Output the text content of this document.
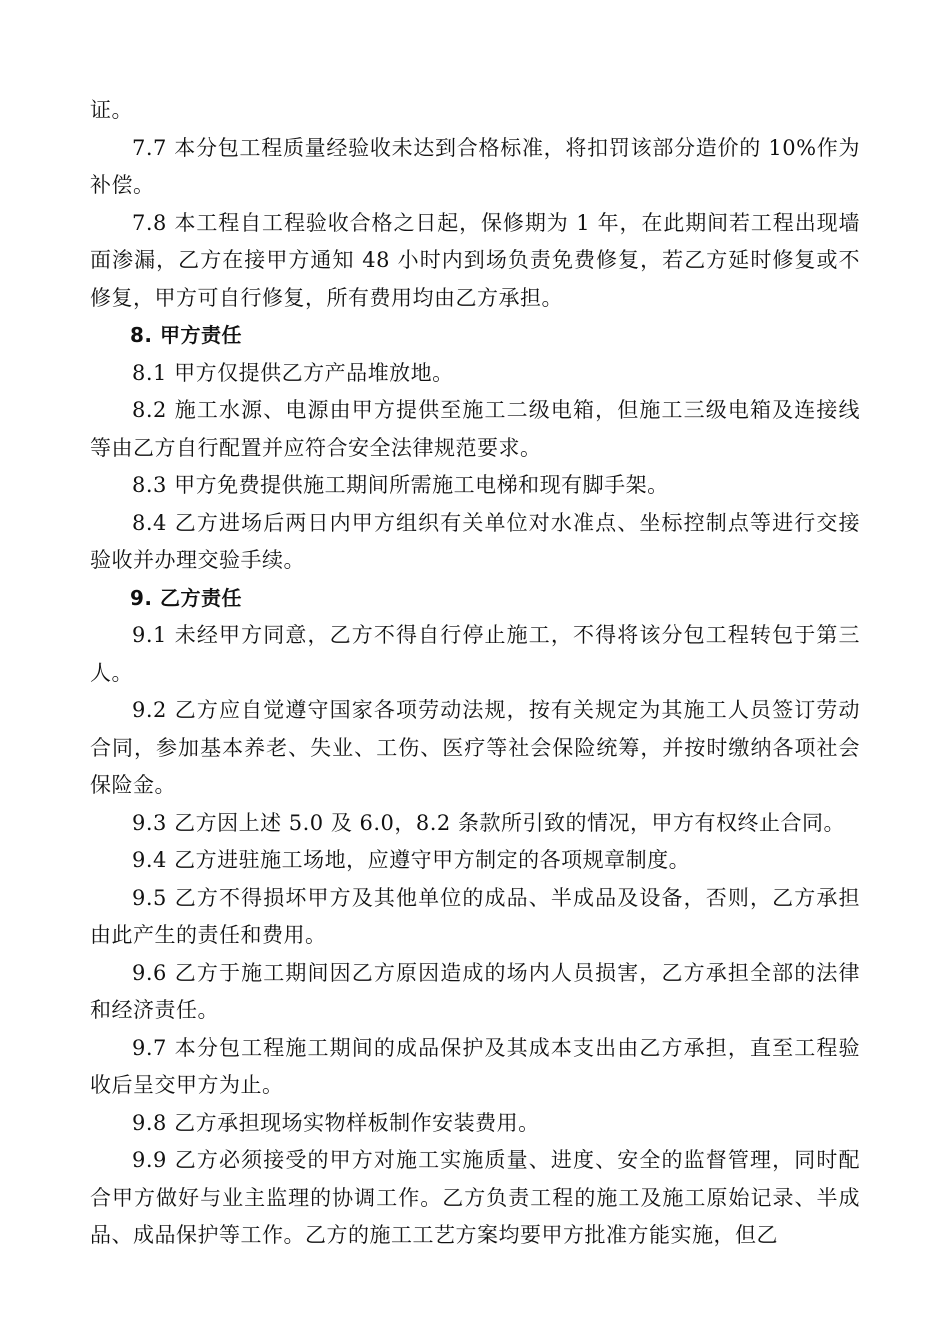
证。

7.7 本分包工程质量经验收未达到合格标准，将扣罚该部分造价的 10%作为补偿。

7.8 本工程自工程验收合格之日起，保修期为 1 年，在此期间若工程出现墙面渗漏，乙方在接甲方通知 48 小时内到场负责免费修复，若乙方延时修复或不修复，甲方可自行修复，所有费用均由乙方承担。

8. 甲方责任

8.1 甲方仅提供乙方产品堆放地。

8.2 施工水源、电源由甲方提供至施工二级电箱，但施工三级电箱及连接线等由乙方自行配置并应符合安全法律规范要求。

8.3 甲方免费提供施工期间所需施工电梯和现有脚手架。

8.4 乙方进场后两日内甲方组织有关单位对水准点、坐标控制点等进行交接验收并办理交验手续。

9. 乙方责任

9.1 未经甲方同意，乙方不得自行停止施工，不得将该分包工程转包于第三人。

9.2 乙方应自觉遵守国家各项劳动法规，按有关规定为其施工人员签订劳动合同，参加基本养老、失业、工伤、医疗等社会保险统筹，并按时缴纳各项社会保险金。

9.3 乙方因上述 5.0 及 6.0，8.2 条款所引致的情况，甲方有权终止合同。

9.4 乙方进驻施工场地，应遵守甲方制定的各项规章制度。

9.5 乙方不得损坏甲方及其他单位的成品、半成品及设备，否则，乙方承担由此产生的责任和费用。

9.6 乙方于施工期间因乙方原因造成的场内人员损害，乙方承担全部的法律和经济责任。

9.7 本分包工程施工期间的成品保护及其成本支出由乙方承担，直至工程验收后呈交甲方为止。

9.8 乙方承担现场实物样板制作安装费用。

9.9 乙方必须接受的甲方对施工实施质量、进度、安全的监督管理，同时配合甲方做好与业主监理的协调工作。乙方负责工程的施工及施工原始记录、半成品、成品保护等工作。乙方的施工工艺方案均要甲方批准方能实施，但乙
